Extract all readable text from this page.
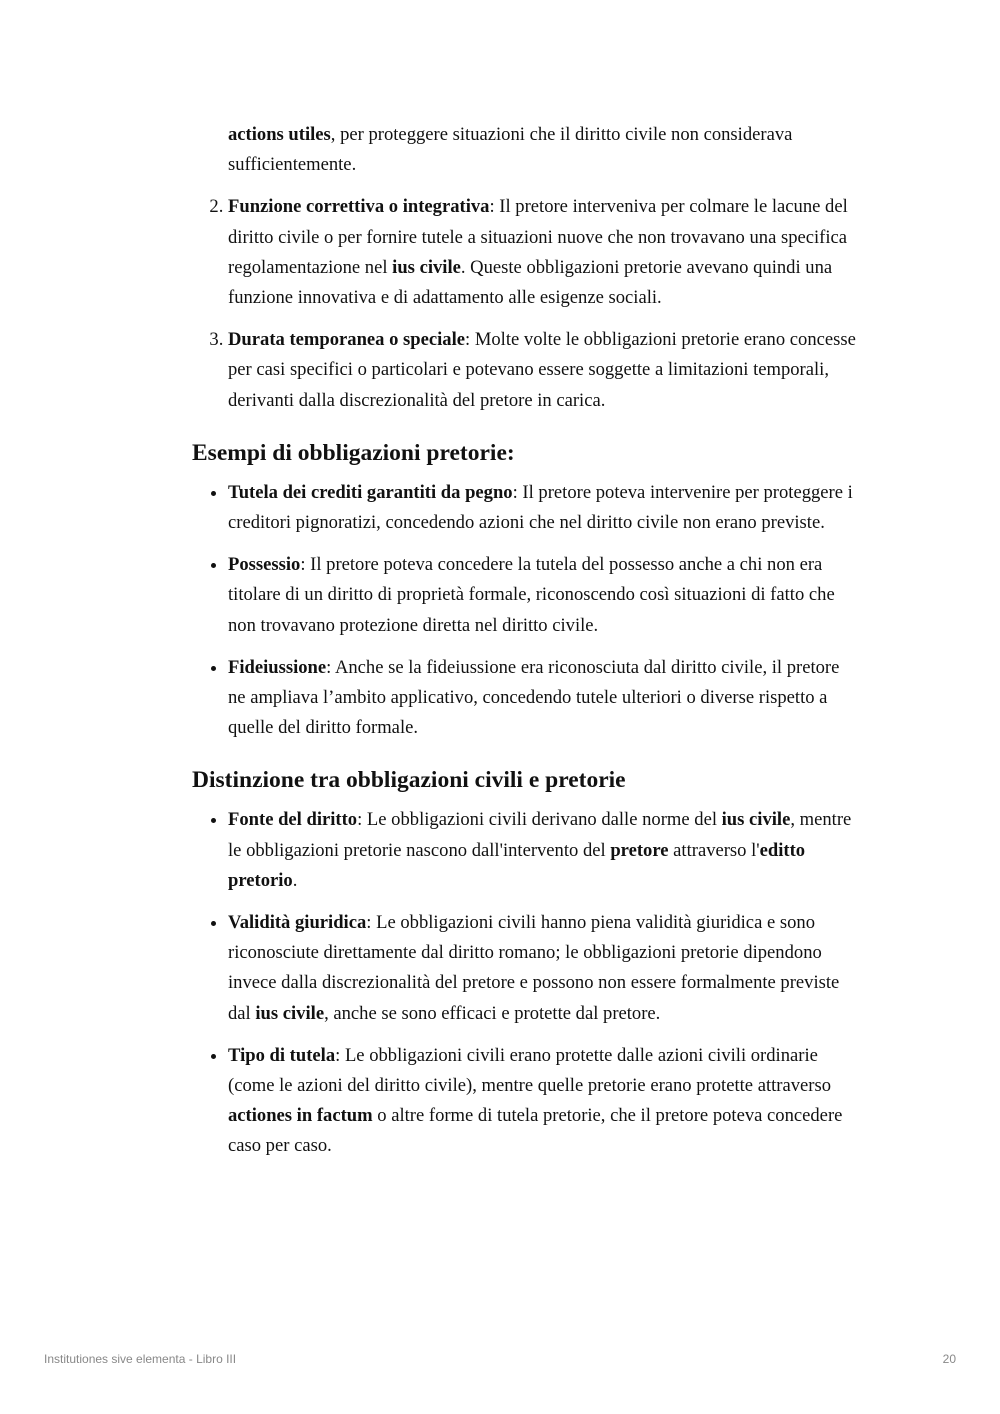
actions utiles, per proteggere situazioni che il diritto civile non considerava sufficientemente.

2. Funzione correttiva o integrativa: Il pretore interveniva per colmare le lacune del diritto civile o per fornire tutele a situazioni nuove che non trovavano una specifica regolamentazione nel ius civile. Queste obbligazioni pretorie avevano quindi una funzione innovativa e di adattamento alle esigenze sociali.
3. Durata temporanea o speciale: Molte volte le obbligazioni pretorie erano concesse per casi specifici o particolari e potevano essere soggette a limitazioni temporali, derivanti dalla discrezionalità del pretore in carica.
Esempi di obbligazioni pretorie:
• Tutela dei crediti garantiti da pegno: Il pretore poteva intervenire per proteggere i creditori pignoratizi, concedendo azioni che nel diritto civile non erano previste.
• Possessio: Il pretore poteva concedere la tutela del possesso anche a chi non era titolare di un diritto di proprietà formale, riconoscendo così situazioni di fatto che non trovavano protezione diretta nel diritto civile.
• Fideiussione: Anche se la fideiussione era riconosciuta dal diritto civile, il pretore ne ampliava l’ambito applicativo, concedendo tutele ulteriori o diverse rispetto a quelle del diritto formale.
Distinzione tra obbligazioni civili e pretorie
• Fonte del diritto: Le obbligazioni civili derivano dalle norme del ius civile, mentre le obbligazioni pretorie nascono dall'intervento del pretore attraverso l'editto pretorio.
• Validità giuridica: Le obbligazioni civili hanno piena validità giuridica e sono riconosciute direttamente dal diritto romano; le obbligazioni pretorie dipendono invece dalla discrezionalità del pretore e possono non essere formalmente previste dal ius civile, anche se sono efficaci e protette dal pretore.
• Tipo di tutela: Le obbligazioni civili erano protette dalle azioni civili ordinarie (come le azioni del diritto civile), mentre quelle pretorie erano protette attraverso actiones in factum o altre forme di tutela pretorie, che il pretore poteva concedere caso per caso.
Institutiones sive elementa - Libro III	20
